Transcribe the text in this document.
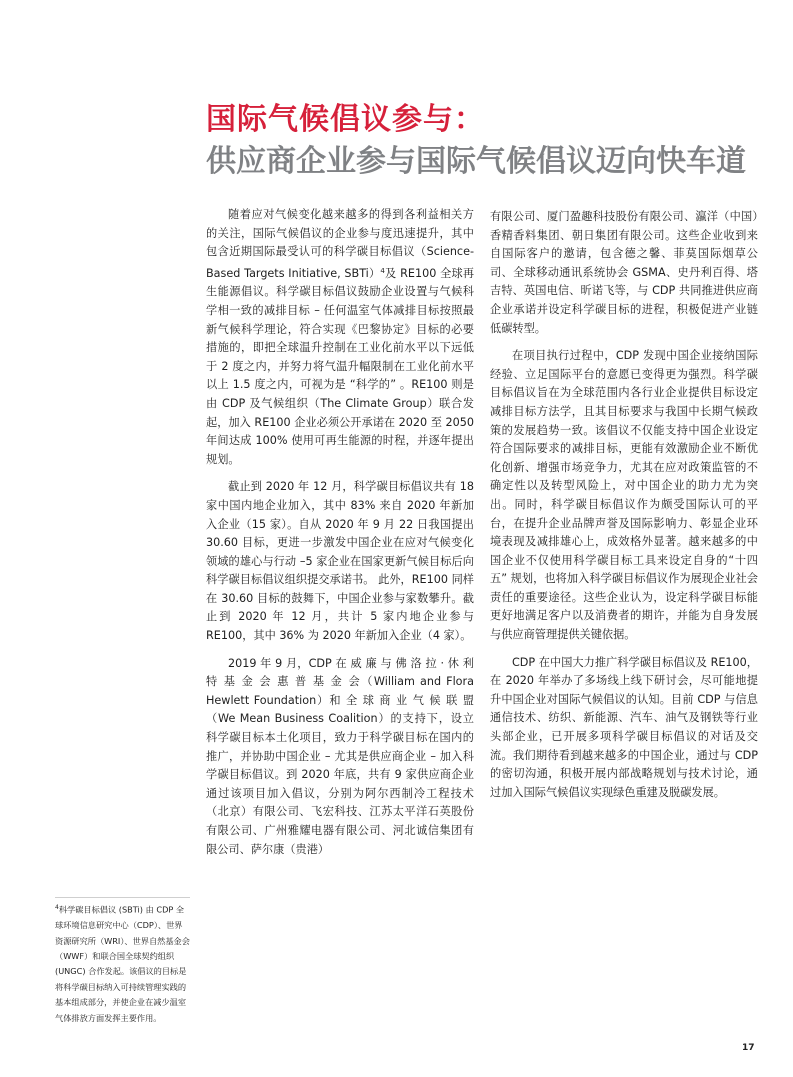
国际气候倡议参与：
供应商企业参与国际气候倡议迈向快车道

随着应对气候变化越来越多的得到各利益相关方的关注，国际气候倡议的企业参与度迅速提升，其中包含近期国际最受认可的科学碳目标倡议（Science-Based Targets Initiative, SBTi）$^4$及 RE100 全球再生能源倡议。科学碳目标倡议鼓励企业设置与气候科学相一致的减排目标 – 任何温室气体减排目标按照最新气候科学理论，符合实现《巴黎协定》目标的必要措施的，即把全球温升控制在工业化前水平以下远低于 2 度之内，并努力将气温升幅限制在工业化前水平以上 1.5 度之内，可视为是 “科学的” 。RE100 则是由 CDP 及气候组织（The Climate Group）联合发起，加入 RE100 企业必须公开承诺在 2020 至 2050 年间达成 100% 使用可再生能源的时程，并逐年提出规划。

截止到 2020 年 12 月，科学碳目标倡议共有 18 家中国内地企业加入，其中 83% 来自 2020 年新加入企业（15 家）。自从 2020 年 9 月 22 日我国提出 30.60 目标，更进一步激发中国企业在应对气候变化领域的雄心与行动 –5 家企业在国家更新气候目标后向科学碳目标倡议组织提交承诺书。 此外，RE100 同样在 30.60 目标的鼓舞下，中国企业参与家数攀升。截止到 2020 年 12 月，共计 5 家内地企业参与 RE100，其中 36% 为 2020 年新加入企业（4 家）。

2019 年 9 月，CDP 在 威 廉 与 佛 洛 拉 · 休 利 特 基 金 会 惠 普 基 金 会（William and Flora Hewlett Foundation）和 全 球 商 业 气 候 联 盟（We Mean Business Coalition）的支持下，设立科学碳目标本土化项目，致力于科学碳目标在国内的推广，并协助中国企业 – 尤其是供应商企业 – 加入科学碳目标倡议。到 2020 年底，共有 9 家供应商企业通过该项目加入倡议，分别为阿尔西制冷工程技术（北京）有限公司、飞宏科技、江苏太平洋石英股份有限公司、广州雅耀电器有限公司、河北诚信集团有限公司、萨尔康（贵港）

有限公司、厦门盈趣科技股份有限公司、瀛洋（中国）香精香料集团、朝日集团有限公司。这些企业收到来自国际客户的邀请，包含德之馨、菲莫国际烟草公司、全球移动通讯系统协会 GSMA、史丹利百得、塔吉特、英国电信、昕诺飞等，与 CDP 共同推进供应商企业承诺并设定科学碳目标的进程，积极促进产业链低碳转型。

在项目执行过程中，CDP 发现中国企业接纳国际经验、立足国际平台的意愿已变得更为强烈。科学碳目标倡议旨在为全球范围内各行业企业提供目标设定减排目标方法学，且其目标要求与我国中长期气候政策的发展趋势一致。该倡议不仅能支持中国企业设定符合国际要求的减排目标，更能有效激励企业不断优化创新、增强市场竞争力，尤其在应对政策监管的不确定性以及转型风险上，对中国企业的助力尤为突出。同时，科学碳目标倡议作为颇受国际认可的平台，在提升企业品牌声誉及国际影响力、彰显企业环境表现及减排雄心上，成效格外显著。越来越多的中国企业不仅使用科学碳目标工具来设定自身的“十四五” 规划，也将加入科学碳目标倡议作为展现企业社会责任的重要途径。这些企业认为，设定科学碳目标能更好地满足客户以及消费者的期许，并能为自身发展与供应商管理提供关键依据。

CDP 在中国大力推广科学碳目标倡议及 RE100，在 2020 年举办了多场线上线下研讨会，尽可能地提升中国企业对国际气候倡议的认知。目前 CDP 与信息通信技术、纺织、新能源、汽车、油气及钢铁等行业头部企业，已开展多项科学碳目标倡议的对话及交流。我们期待看到越来越多的中国企业，通过与 CDP 的密切沟通，积极开展内部战略规划与技术讨论，通过加入国际气候倡议实现绿色重建及脱碳发展。

$^4$科学碳目标倡议 (SBTi) 由 CDP 全球环境信息研究中心（CDP）、世界资源研究所（WRI）、世界自然基金会（WWF）和联合国全球契约组织 (UNGC) 合作发起。该倡议的目标是将科学碳目标纳入可持续管理实践的基本组成部分，并使企业在减少温室气体排放方面发挥主要作用。
17
